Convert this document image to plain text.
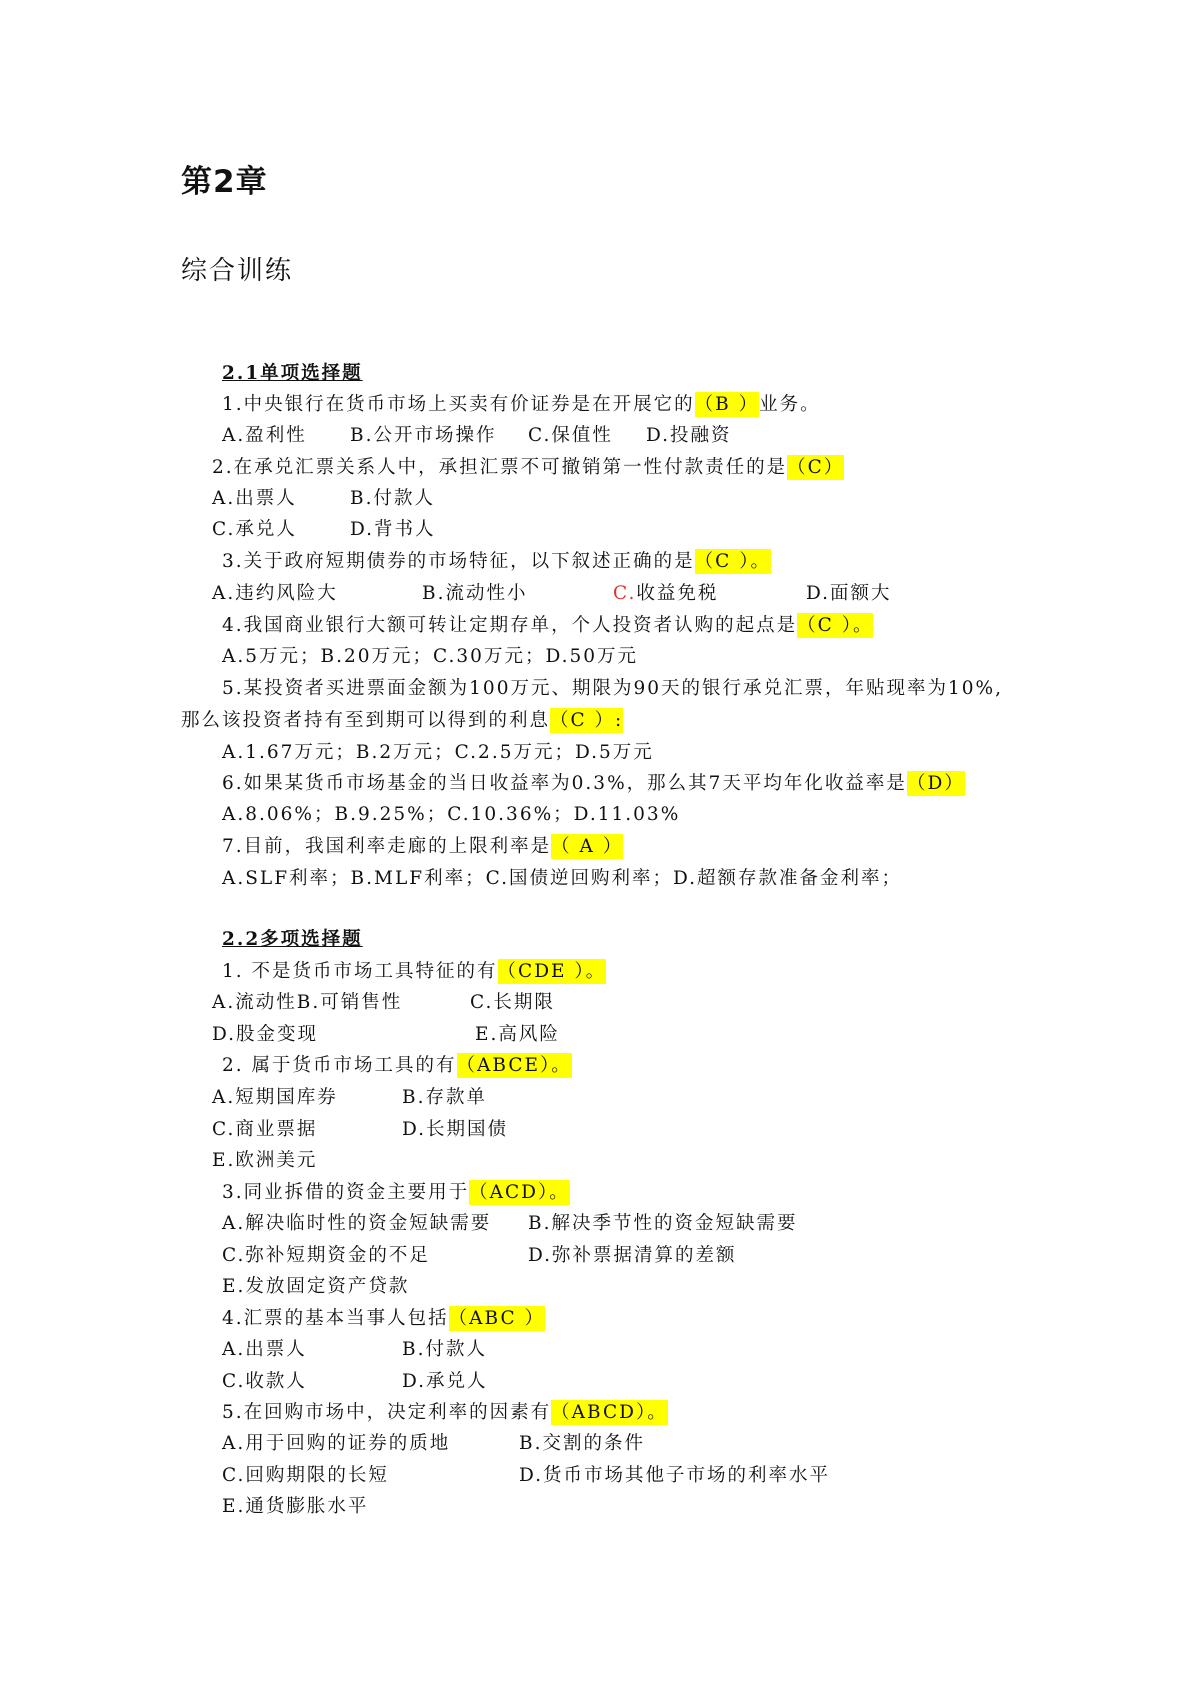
第2章
综合训练
2.1单项选择题
1.中央银行在货币市场上买卖有价证券是在开展它的（B ）业务。
A.盈利性 B.公开市场操作 C.保值性 D.投融资
2.在承兑汇票关系人中，承担汇票不可撤销第一性付款责任的是（C）
A.出票人	B.付款人
C.承兑人	D.背书人
3.关于政府短期债券的市场特征，以下叙述正确的是（C ）。
A.违约风险大	B.流动性小	C.收益免税	D.面额大
4.我国商业银行大额可转让定期存单，个人投资者认购的起点是（C ）。
A.5万元；B.20万元；C.30万元；D.50万元
5.某投资者买进票面金额为100万元、期限为90天的银行承兑汇票，年贴现率为10%,
那么该投资者持有至到期可以得到的利息（C ）:
A.1.67万元；B.2万元；C.2.5万元；D.5万元
6.如果某货币市场基金的当日收益率为0.3%，那么其7天平均年化收益率是（D）
A.8.06%；B.9.25%；C.10.36%；D.11.03%
7.目前，我国利率走廊的上限利率是（ A ）
A.SLF利率；B.MLF利率；C.国债逆回购利率；D.超额存款准备金利率；
2.2多项选择题
1. 不是货币市场工具特征的有（CDE ）。
A.流动性B.可销售性	C.长期限
D.股金变现	E.高风险
2. 属于货币市场工具的有（ABCE）。
A.短期国库券	B.存款单
C.商业票据	D.长期国债
E.欧洲美元
3.同业拆借的资金主要用于（ACD）。
A.解决临时性的资金短缺需要 B.解决季节性的资金短缺需要
C.弥补短期资金的不足	D.弥补票据清算的差额
E.发放固定资产贷款
4.汇票的基本当事人包括（ABC ）
A.出票人	B.付款人
C.收款人	D.承兑人
5.在回购市场中，决定利率的因素有（ABCD）。
A.用于回购的证券的质地	B.交割的条件
C.回购期限的长短	D.货币市场其他子市场的利率水平
E.通货膨胀水平
